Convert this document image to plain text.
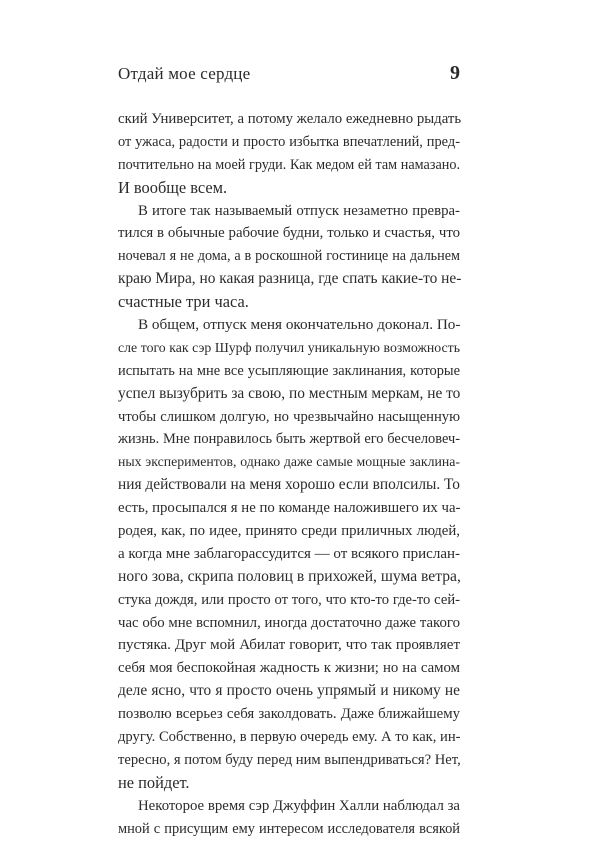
Отдай мое сердце	9
ский Университет, а потому желало ежедневно рыдать
от ужаса, радости и просто избытка впечатлений, пред-
почтительно на моей груди. Как медом ей там намазано.
И вообще всем.
В итоге так называемый отпуск незаметно превра-
тился в обычные рабочие будни, только и счастья, что
ночевал я не дома, а в роскошной гостинице на дальнем
краю Мира, но какая разница, где спать какие-то не-
счастные три часа.
В общем, отпуск меня окончательно доконал. По-
сле того как сэр Шурф получил уникальную возможность
испытать на мне все усыпляющие заклинания, которые
успел вызубрить за свою, по местным меркам, не то
чтобы слишком долгую, но чрезвычайно насыщенную
жизнь. Мне понравилось быть жертвой его бесчеловеч-
ных экспериментов, однако даже самые мощные заклина-
ния действовали на меня хорошо если вполсилы. То
есть, просыпался я не по команде наложившего их ча-
родея, как, по идее, принято среди приличных людей,
а когда мне заблагорассудится — от всякого прислан-
ного зова, скрипа половиц в прихожей, шума ветра,
стука дождя, или просто от того, что кто-то где-то сей-
час обо мне вспомнил, иногда достаточно даже такого
пустяка. Друг мой Абилат говорит, что так проявляет
себя моя беспокойная жадность к жизни; но на самом
деле ясно, что я просто очень упрямый и никому не
позволю всерьез себя заколдовать. Даже ближайшему
другу. Собственно, в первую очередь ему. А то как, ин-
тересно, я потом буду перед ним выпендриваться? Нет,
не пойдет.
Некоторое время сэр Джуффин Халли наблюдал за
мной с присущим ему интересом исследователя всякой
